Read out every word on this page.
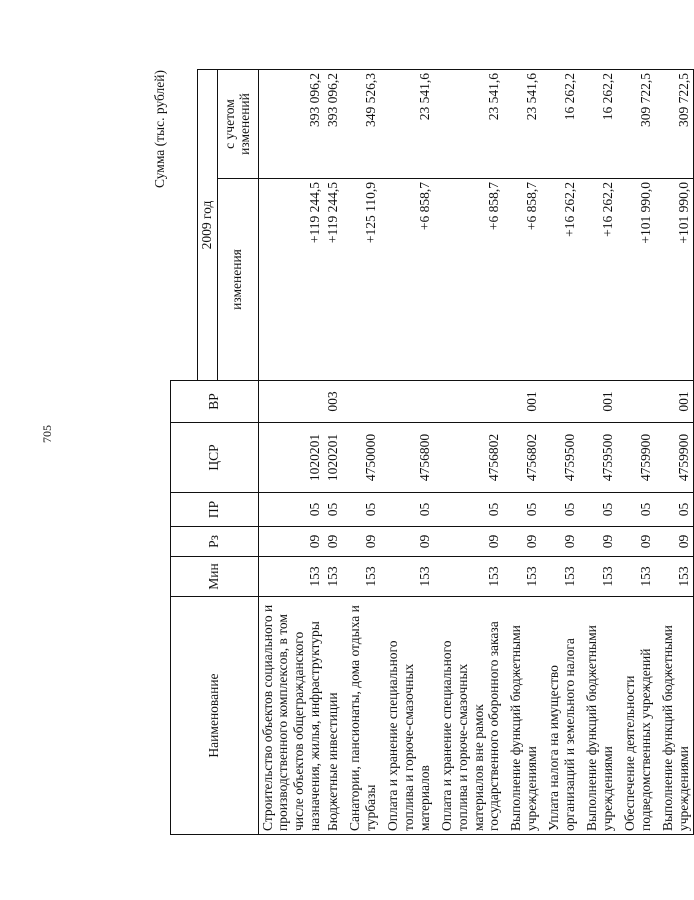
705
Сумма (тыс. рублей)
Наименование	Мин	Рз	ПР	ЦСР	ВР		
						2009 год	
						изменения	с учетом изменений
Строительство объектов социального и производственного комплексов, в том числе объектов общегражданского назначения, жилья, инфраструктуры	153	09	05	1020201		+119 244,5	393 096,2
Бюджетные инвестиции	153	09	05	1020201	003	+119 244,5	393 096,2
Санатории, пансионаты, дома отдыха и турбазы	153	09	05	4750000		+125 110,9	349 526,3
Оплата и хранение специального топлива и горюче-смазочных материалов	153	09	05	4756800		+6 858,7	23 541,6
Оплата и хранение специального топлива и горюче-смазочных материалов вне рамок государственного оборонного заказа	153	09	05	4756802		+6 858,7	23 541,6
Выполнение функций бюджетными учреждениями	153	09	05	4756802	001	+6 858,7	23 541,6
Уплата налога на имущество организаций и земельного налога	153	09	05	4759500		+16 262,2	16 262,2
Выполнение функций бюджетными учреждениями	153	09	05	4759500	001	+16 262,2	16 262,2
Обеспечение деятельности подведомственных учреждений	153	09	05	4759900		+101 990,0	309 722,5
Выполнение функций бюджетными учреждениями	153	09	05	4759900	001	+101 990,0	309 722,5
